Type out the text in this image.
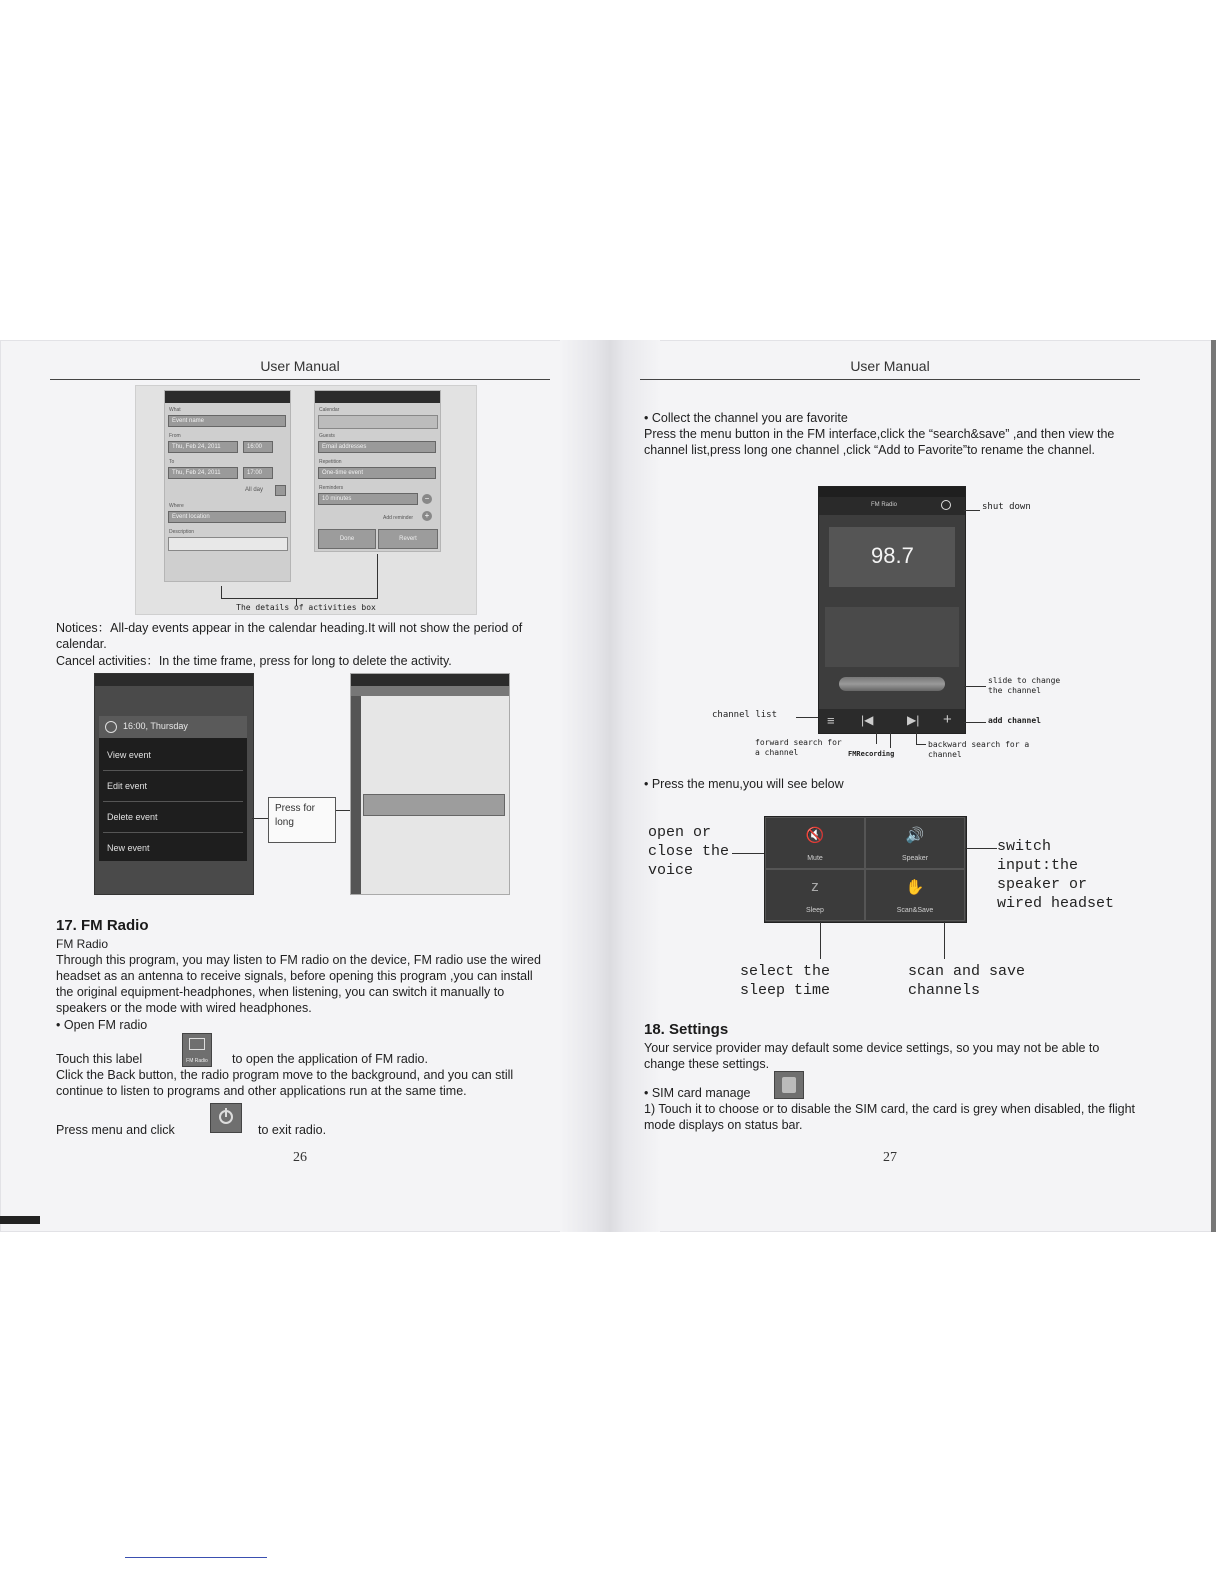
User Manual
What
Event name
From
Thu, Feb 24, 2011	16:00
To
Thu, Feb 24, 2011	17:00
All day
Where
Event location
Description
Calendar
Guests
Email addresses
Repetition
One-time event
Reminders
10 minutes	−
Add reminder	+
Done	Revert
The details of activities box
Notices：All-day events appear in the calendar heading.It will not show the period of calendar.
Cancel activities：In the time frame, press for long to delete the activity.
16:00, Thursday
View event
Edit event
Delete event
New event
Press for long
17. FM Radio
FM Radio
Through this program, you may listen to FM radio on the device, FM radio use the wired headset as an antenna to receive signals, before opening this program ,you can install the original equipment-headphones, when listening, you can switch it manually to speakers or the mode with wired headphones.
• Open FM radio
Touch this label	FM Radio to open the application of FM radio.
Click the Back button, the radio program move to the background, and you can still continue to listen to programs and other applications run at the same time.
Press menu and click	to exit radio.
26
User Manual
• Collect the channel you are favorite
Press the menu button in the FM interface,click the “search&save” ,and then view the channel list,press long one channel ,click “Add to Favorite”to rename the channel.
FM Radio
98.7
≡ |◀	▶| +
shut down
slide to change the channel
channel list
add channel
forward search for a channel	FMRecording
backward search for a channel
• Press the menu,you will see below
🔇
Mute
🔊
Speaker
z
Sleep
✋
Scan&Save
open or close the voice
switch input:the speaker or wired headset
select the sleep time
scan and save channels
18. Settings
Your service provider may default some device settings, so you may not be able to change these settings.
• SIM card manage
1) Touch it to choose or to disable the SIM card, the card is grey when disabled, the flight mode displays on status bar.
27
